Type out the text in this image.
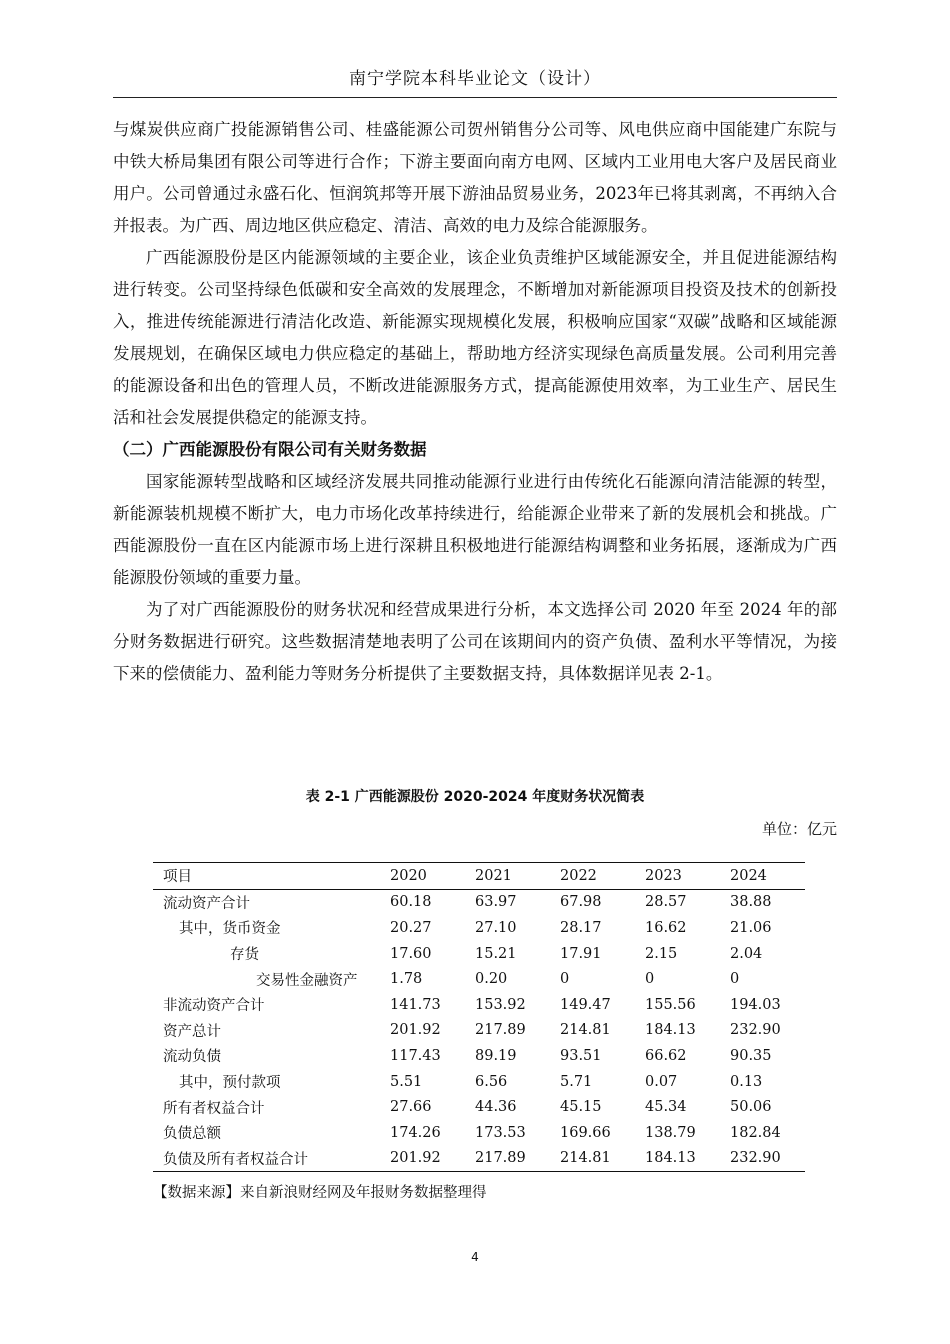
南宁学院本科毕业论文（设计）

与煤炭供应商广投能源销售公司、桂盛能源公司贺州销售分公司等、风电供应商中国能建广东院与中铁大桥局集团有限公司等进行合作；下游主要面向南方电网、区域内工业用电大客户及居民商业用户。公司曾通过永盛石化、恒润筑邦等开展下游油品贸易业务，2023年已将其剥离，不再纳入合并报表。为广西、周边地区供应稳定、清洁、高效的电力及综合能源服务。

广西能源股份是区内能源领域的主要企业，该企业负责维护区域能源安全，并且促进能源结构进行转变。公司坚持绿色低碳和安全高效的发展理念，不断增加对新能源项目投资及技术的创新投入，推进传统能源进行清洁化改造、新能源实现规模化发展，积极响应国家“双碳”战略和区域能源发展规划，在确保区域电力供应稳定的基础上，帮助地方经济实现绿色高质量发展。公司利用完善的能源设备和出色的管理人员，不断改进能源服务方式，提高能源使用效率，为工业生产、居民生活和社会发展提供稳定的能源支持。

（二）广西能源股份有限公司有关财务数据

国家能源转型战略和区域经济发展共同推动能源行业进行由传统化石能源向清洁能源的转型，新能源装机规模不断扩大，电力市场化改革持续进行，给能源企业带来了新的发展机会和挑战。广西能源股份一直在区内能源市场上进行深耕且积极地进行能源结构调整和业务拓展，逐渐成为广西能源股份领域的重要力量。

为了对广西能源股份的财务状况和经营成果进行分析，本文选择公司 2020 年至 2024 年的部分财务数据进行研究。这些数据清楚地表明了公司在该期间内的资产负债、盈利水平等情况，为接下来的偿债能力、盈利能力等财务分析提供了主要数据支持，具体数据详见表 2-1。

表 2-1 广西能源股份 2020-2024 年度财务状况简表
单位：亿元
项目	2020	2021	2022	2023	2024
流动资产合计	60.18	63.97	67.98	28.57	38.88
其中，货币资金	20.27	27.10	28.17	16.62	21.06
存货	17.60	15.21	17.91	2.15	2.04
交易性金融资产	1.78	0.20	0	0	0
非流动资产合计	141.73	153.92	149.47	155.56	194.03
资产总计	201.92	217.89	214.81	184.13	232.90
流动负债	117.43	89.19	93.51	66.62	90.35
其中，预付款项	5.51	6.56	5.71	0.07	0.13
所有者权益合计	27.66	44.36	45.15	45.34	50.06
负债总额	174.26	173.53	169.66	138.79	182.84
负债及所有者权益合计	201.92	217.89	214.81	184.13	232.90
【数据来源】来自新浪财经网及年报财务数据整理得
4
